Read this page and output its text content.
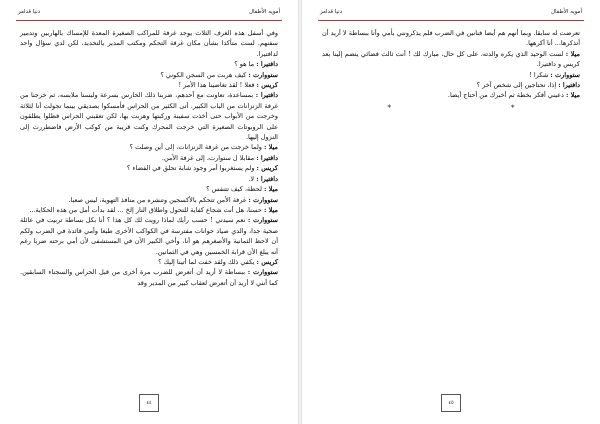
أمويه الأطفال
دنيا قدامر

وفي أسفل هذه الغرف الثلاث يوجد غرفة للمراكب الصغيرة المعدة للإمساك بالهاربين وتدمير سفنهم. لست متأكدا بشأن مكان غرفة التحكم ومكتب المدير بالتحديد، لكن لدي سؤال واحد لدافتيرا.

دافتيرا : ما هو ؟

ستووارت : كيف هربت من السجن الكوني ؟

كريس : فعلا ! لقد تغاضينا هذا الأمر !

دافتيرا : بمساعدة، تعاونت مع أحدهم، ضربنا ذلك الحارس بسرعة ولبسنا ملابسه، ثم خرجنا من غرفة الزنزانات من الباب الكبير. أتى الكثير من الحراس فأمسكوا بصديقي بينما تجولت أنا لثلاثة وخرجت من الأبواب حتى أخذت سفينة وركبتها وهربت بها، لكن تعقبني الحراس فظلوا يطلقون على الروبوتات الصغيرة التي خرجت المحرك وكنت قريبة من كوكب الأرض فاضطررت إلى النزول إليها.

ميلا : ولما خرجت من غرفة الزنزانات، إلى أين وصلت ؟

دافتيرا : مقابلا ل ستوارت، إلى غرفة الأمن.

كريس : ولم يستغربوا أمر وجود شابة تحلق في الفضاء ؟

دافتيرا : لا.

ميلا : لحظة، كيف تتنفس ؟

ستووارت : غرفة الأمن تتحكم بالأكسجين وتنشره من منافذ التهوية، ليس صعبا.

ميلا : حسنا، هل أنت شجاع كفاية للتحول واطلاق النار إلخ ... لقد بدأت أمل من هذه الحكاية...

ستووارت : نعم سيدتي ! حسب رأيك لماذا رويت لك كل هذا ؟ أنا بكل بساطة تربيت في عائلة صحية جدا، والدي صياد حوانات مفترسة في الكواكب الأخرى طبعا وأمي قائدة في الضرب ولكم أن لاحظ الثمانية والأصغرهم هو أنا، وأخي الكبير الآن في المستشفى لأن أمي برحته ضربا رغم أنه يبلغ الأن قرابة الخمسين وهي في الثمانين.

كريس : يكفي ذلك ولقد خفت لما أتينا إليك ؟

ستووارت : ببساطة لا أريد أن أتعرض للضرب مرة أخرى من قبل الحراس والسجناء السابقين. كما أنني لا أريد أن أتعرض لعقاب كبير من المدير وقد

٤٤
أمويه الأطفال
دنيا قدامر

تعرضت له سابقا. وبما أنهم هم أيضا فنانين في الضرب فلم يذكرونني بأمي وأنا ببساطة لا أريد أن أتذكرها... أنا أكرهها.

ميلا : لست الوحيد الذي يكره والدته، على كل حال، مبارك لك ! أنت ثالث فضائي ينضم إلينا بعد كريس و دافتيرا.

ستووارت : شكرا !

دافتيرا : إذا، تحتاجين إلى شخص آخر ؟

ميلا : دعيني أفكر بخطة ثم أخبرك من أحتاج أيضا.

**
٤٥
